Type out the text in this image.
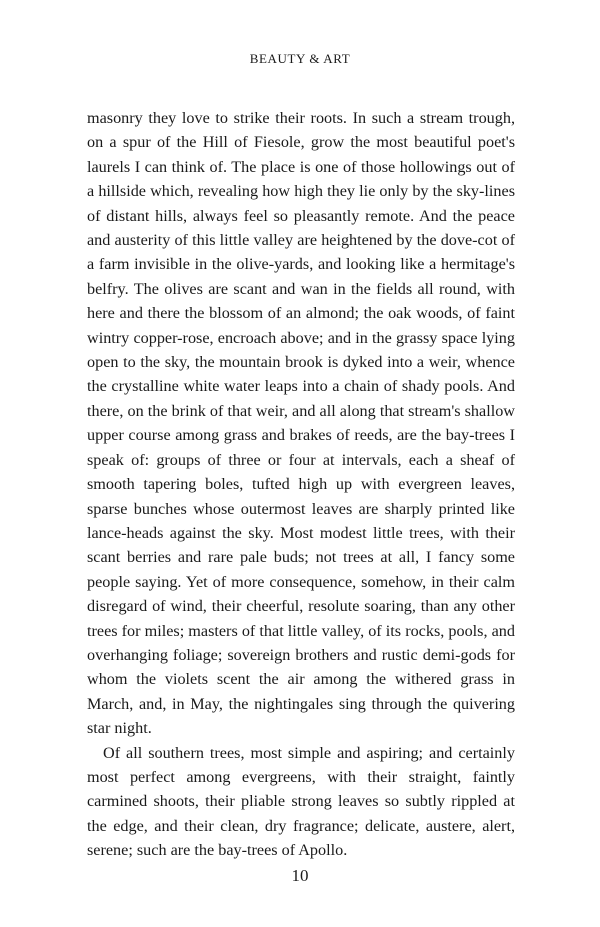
BEAUTY & ART

masonry they love to strike their roots. In such a stream trough, on a spur of the Hill of Fiesole, grow the most beautiful poet's laurels I can think of. The place is one of those hollowings out of a hillside which, revealing how high they lie only by the sky-lines of distant hills, always feel so pleasantly remote. And the peace and austerity of this little valley are heightened by the dove-cot of a farm invisible in the olive-yards, and looking like a hermitage's belfry. The olives are scant and wan in the fields all round, with here and there the blossom of an almond; the oak woods, of faint wintry copper-rose, encroach above; and in the grassy space lying open to the sky, the mountain brook is dyked into a weir, whence the crystalline white water leaps into a chain of shady pools. And there, on the brink of that weir, and all along that stream's shallow upper course among grass and brakes of reeds, are the bay-trees I speak of: groups of three or four at intervals, each a sheaf of smooth tapering boles, tufted high up with evergreen leaves, sparse bunches whose outermost leaves are sharply printed like lance-heads against the sky. Most modest little trees, with their scant berries and rare pale buds; not trees at all, I fancy some people saying. Yet of more consequence, somehow, in their calm disregard of wind, their cheerful, resolute soaring, than any other trees for miles; masters of that little valley, of its rocks, pools, and overhanging foliage; sovereign brothers and rustic demi-gods for whom the violets scent the air among the withered grass in March, and, in May, the nightingales sing through the quivering star night.

Of all southern trees, most simple and aspiring; and certainly most perfect among evergreens, with their straight, faintly carmined shoots, their pliable strong leaves so subtly rippled at the edge, and their clean, dry fragrance; delicate, austere, alert, serene; such are the bay-trees of Apollo.

10
